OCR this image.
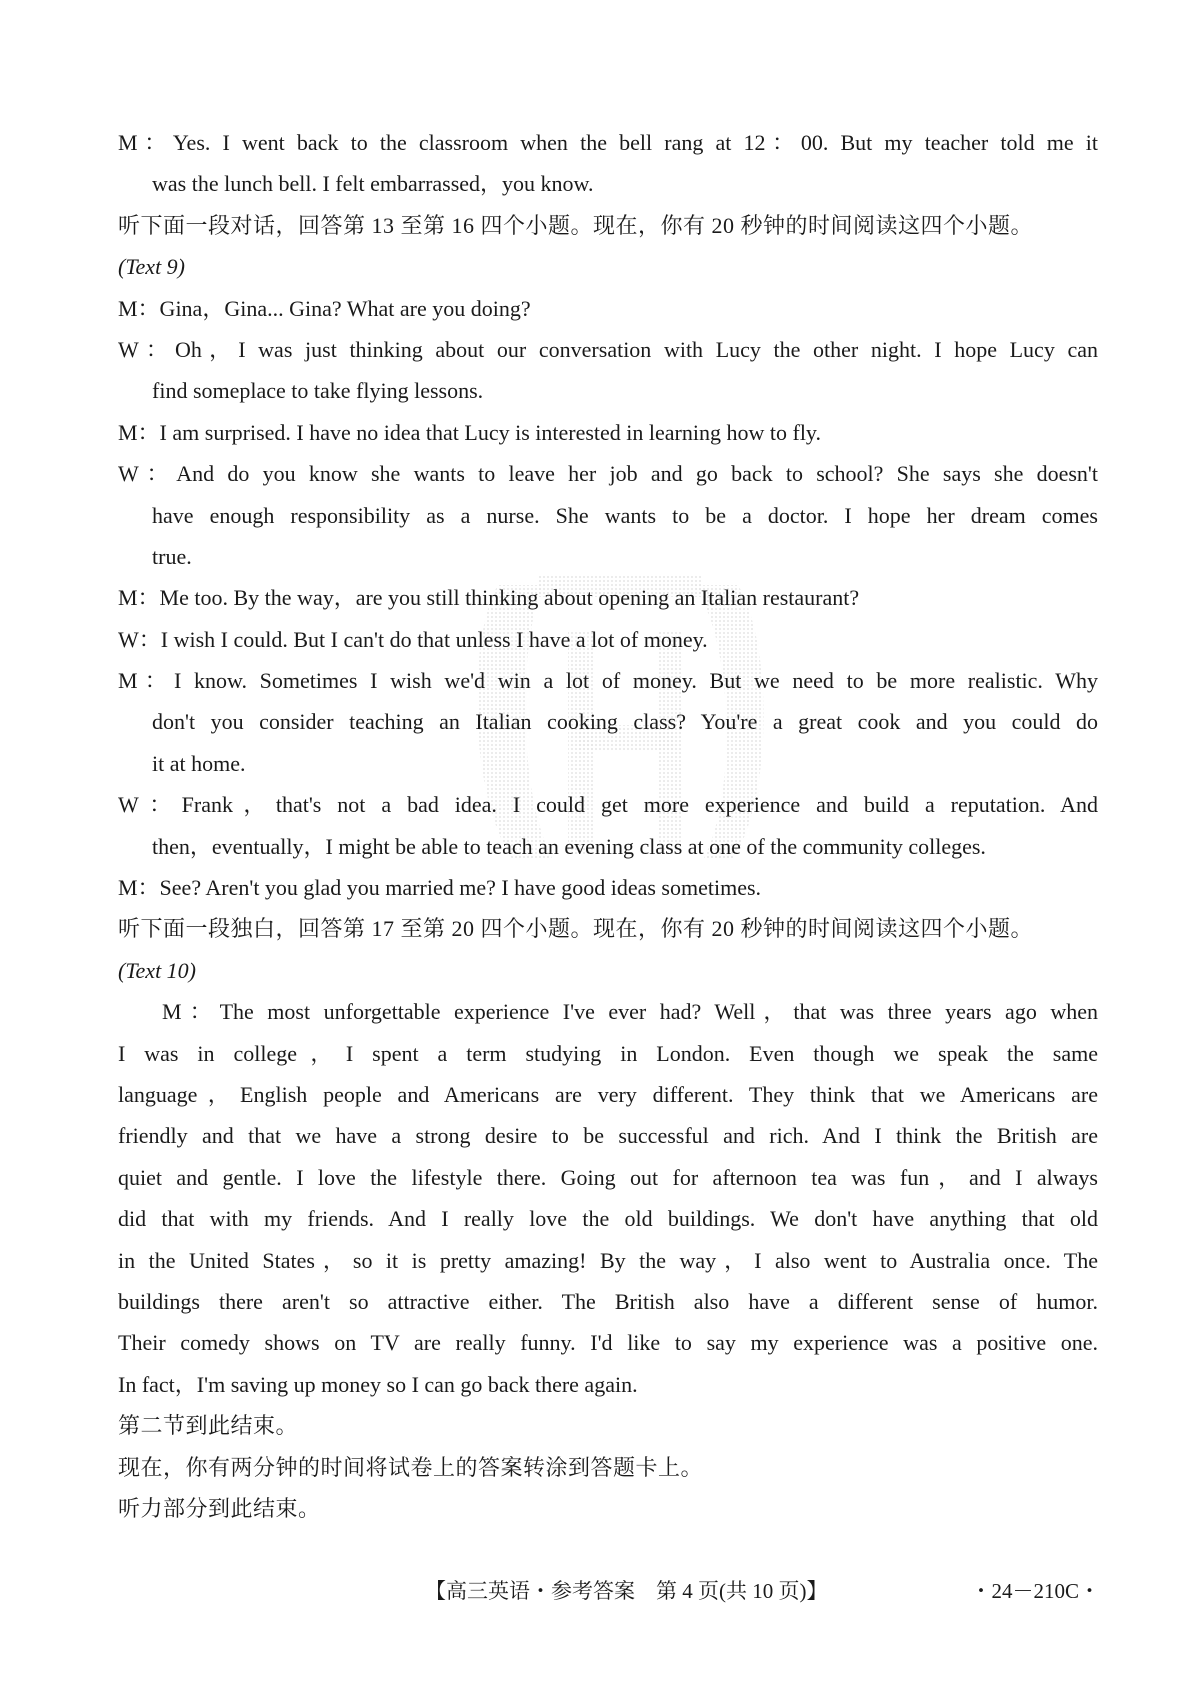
M：Yes. I went back to the classroom when the bell rang at 12：00. But my teacher told me it
was the lunch bell. I felt embarrassed，you know.
听下面一段对话，回答第 13 至第 16 四个小题。现在，你有 20 秒钟的时间阅读这四个小题。
(Text 9)
M：Gina，Gina... Gina? What are you doing?
W：Oh，I was just thinking about our conversation with Lucy the other night. I hope Lucy can
find someplace to take flying lessons.
M：I am surprised. I have no idea that Lucy is interested in learning how to fly.
W：And do you know she wants to leave her job and go back to school? She says she doesn't
have enough responsibility as a nurse. She wants to be a doctor. I hope her dream comes
true.
M：Me too. By the way，are you still thinking about opening an Italian restaurant?
W：I wish I could. But I can't do that unless I have a lot of money.
M：I know. Sometimes I wish we'd win a lot of money. But we need to be more realistic. Why
don't you consider teaching an Italian cooking class? You're a great cook and you could do
it at home.
W：Frank，that's not a bad idea. I could get more experience and build a reputation. And
then，eventually，I might be able to teach an evening class at one of the community colleges.
M：See? Aren't you glad you married me? I have good ideas sometimes.
听下面一段独白，回答第 17 至第 20 四个小题。现在，你有 20 秒钟的时间阅读这四个小题。
(Text 10)
M：The most unforgettable experience I've ever had? Well，that was three years ago when
I was in college，I spent a term studying in London. Even though we speak the same
language，English people and Americans are very different. They think that we Americans are
friendly and that we have a strong desire to be successful and rich. And I think the British are
quiet and gentle. I love the lifestyle there. Going out for afternoon tea was fun，and I always
did that with my friends. And I really love the old buildings. We don't have anything that old
in the United States，so it is pretty amazing! By the way，I also went to Australia once. The
buildings there aren't so attractive either. The British also have a different sense of humor.
Their comedy shows on TV are really funny. I'd like to say my experience was a positive one.
In fact，I'm saving up money so I can go back there again.
第二节到此结束。
现在，你有两分钟的时间将试卷上的答案转涂到答题卡上。
听力部分到此结束。
【高三英语・参考答案　第 4 页(共 10 页)】	・24－210C・
